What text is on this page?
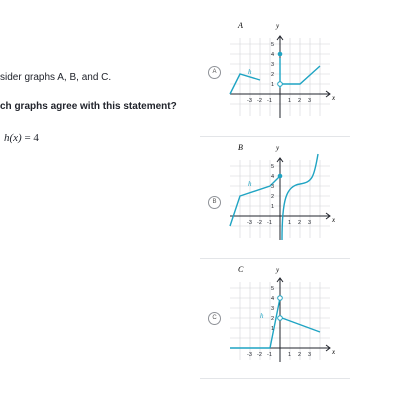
sider graphs A, B, and C.
ch graphs agree with this statement?
h(x) = 4
A
A	y
x
h
5
4
3
2
1
-3 -2 -1	1 2 3
B
B	y
x
h
5
4
3
2
1
-3 -2 -1	1 2 3
C
C	y
x
h
5
4
3
2
1
-3 -2 -1	1 2 3
